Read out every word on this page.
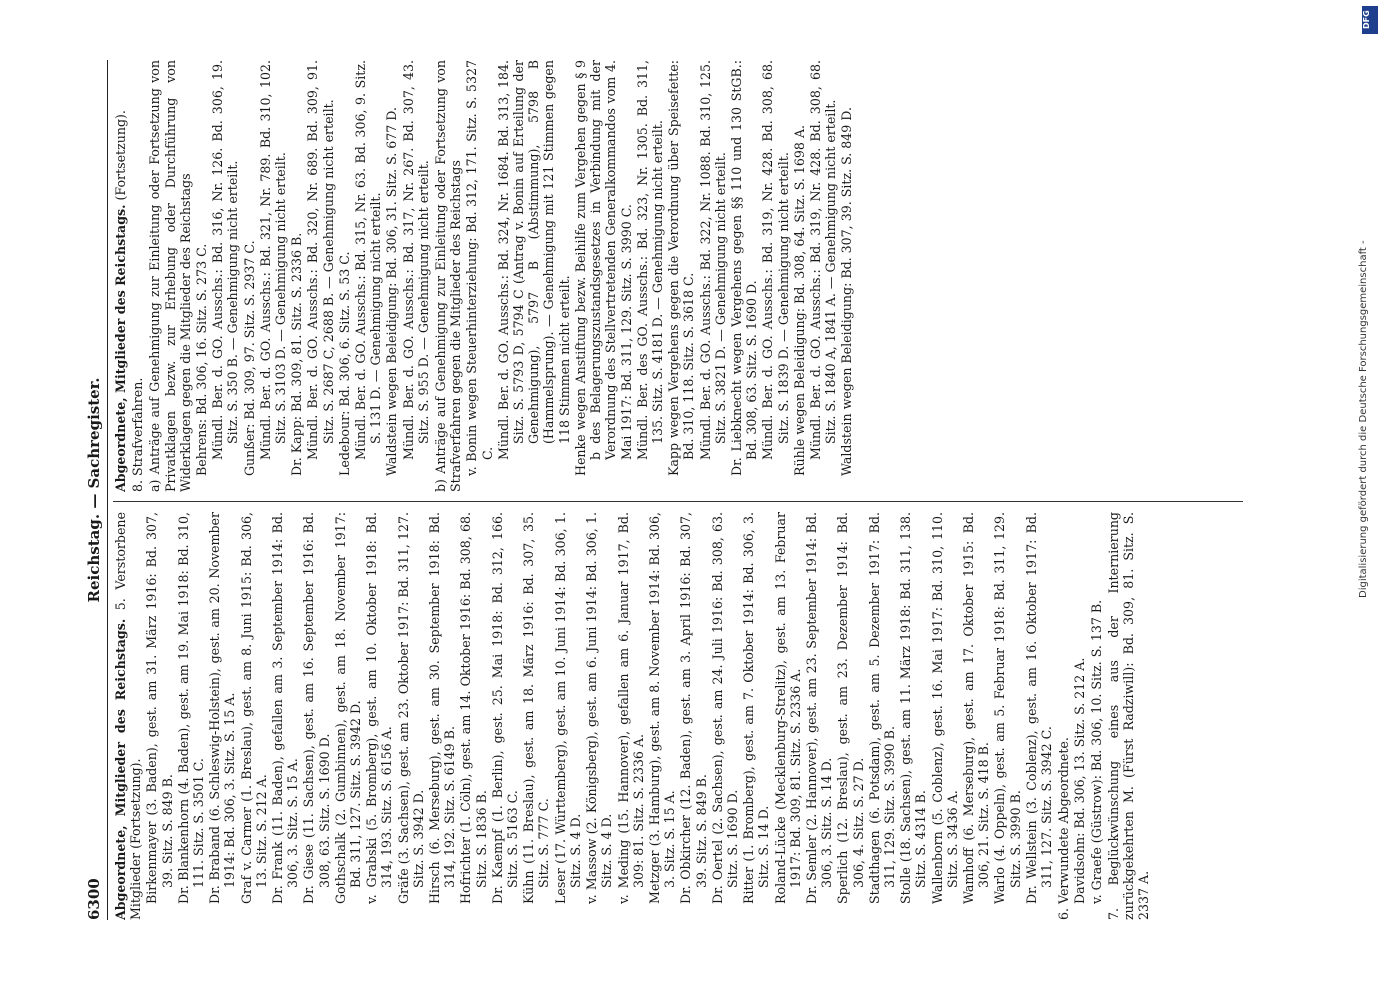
6300
Reichstag. — Sachregister.
Abgeordnete, Mitglieder des Reichstags. 5. Verstorbene Mitglieder (Fortsetzung). Birkenmayer (3. Baden), gest. am 31. März 1916: Bd. 307, 39. Sitz. S. 849 B. Dr. Blankenhorn (4. Baden), gest. am 19. Mai 1918: Bd. 310, 111. Sitz. S. 3501 C. Dr. Braband (6. Schleswig-Holstein), gest. am 20. November 1914: Bd. 306, 3. Sitz. S. 15 A. Graf v. Carmer (1. Breslau), gest. am 8. Juni 1915: Bd. 306, 13. Sitz. S. 212 A. Dr. Frank (11. Baden), gefallen am 3. September 1914: Bd. 306, 3. Sitz. S. 15 A. Dr. Giese (11. Sachsen), gest. am 16. September 1916: Bd. 308, 63. Sitz. S. 1690 D. Gothschalk (2. Gumbinnen), gest. am 18. November 1917: Bd. 311, 127. Sitz. S. 3942 D. v. Grabski (5. Bromberg), gest. am 10. Oktober 1918: Bd. 314, 193. Sitz. S. 6156 A. Gräfe (3. Sachsen), gest. am 23. Oktober 1917: Bd. 311, 127. Sitz. S. 3942 D. Hirsch (6. Merseburg), gest. am 30. September 1918: Bd. 314, 192. Sitz. S. 6149 B. Hofrichter (1. Cöln), gest. am 14. Oktober 1916: Bd. 308, 68. Sitz. S. 1836 B. Dr. Kaempf (1. Berlin), gest. 25. Mai 1918: Bd. 312, 166. Sitz. S. 5163 C. Kühn (11. Breslau), gest. am 18. März 1916: Bd. 307, 35. Sitz. S. 777 C. Leser (17. Württemberg), gest. am 10. Juni 1914: Bd. 306, 1. Sitz. S. 4 D. v. Massow (2. Königsberg), gest. am 6. Juni 1914: Bd. 306, 1. Sitz. S. 4 D. v. Meding (15. Hannover), gefallen am 6. Januar 1917, Bd. 309: 81. Sitz. S. 2336 A. Metzger (3. Hamburg), gest. am 8. November 1914: Bd. 306, 3. Sitz. S. 15 A. Dr. Obkircher (12. Baden), gest. am 3. April 1916: Bd. 307, 39. Sitz. S. 849 B. Dr. Oertel (2. Sachsen), gest. am 24. Juli 1916: Bd. 308, 63. Sitz. S. 1690 D. Ritter (1. Bromberg), gest. am 7. Oktober 1914: Bd. 306, 3. Sitz. S. 14 D. Roland-Lücke (Mecklenburg-Strelitz), gest. am 13. Februar 1917: Bd. 309, 81. Sitz. S. 2336 A. Dr. Semler (2. Hannover), gest. am 23. September 1914: Bd. 306, 3. Sitz. S. 14 D. Sperlich (12. Breslau), gest. am 23. Dezember 1914: Bd. 306, 4. Sitz. S. 27 D. Stadthagen (6. Potsdam), gest. am 5. Dezember 1917: Bd. 311, 129. Sitz. S. 3990 B. Stolle (18. Sachsen), gest. am 11. März 1918: Bd. 311, 138. Sitz. S. 4314 B. Wallenborn (5. Coblenz), gest. 16. Mai 1917: Bd. 310, 110. Sitz. S. 3436 A. Wamhoff (6. Merseburg), gest. am 17. Oktober 1915: Bd. 306, 21. Sitz. S. 418 B. Warlo (4. Oppeln), gest. am 5. Februar 1918: Bd. 311, 129. Sitz. S. 3990 B. Dr. Wellstein (3. Coblenz), gest. am 16. Oktober 1917: Bd. 311, 127. Sitz. S. 3942 C. 6. Verwundete Abgeordnete. Davidsohn: Bd. 306, 13. Sitz. S. 212 A. v. Graefe (Güstrow): Bd. 306, 10. Sitz. S. 137 B. 7. Beglückwünschung eines aus der Internierung zurückgekehrten M. (Fürst Radziwill): Bd. 309, 81. Sitz. S. 2337 A.
Abgeordnete, Mitglieder des Reichstags. (Fortsetzung).
8. Strafverfahren. a) Anträge auf Genehmigung zur Einleitung oder Fortsetzung von Privatklagen bezw. zur Erhebung oder Durchführung von Widerklagen gegen die Mitglieder des Reichstags Behrens: Bd. 306, 16. Sitz. S. 273 C. Mündl. Ber. d. GO. Ausschs.: Bd. 316, Nr. 126. Bd. 306, 19. Sitz. S. 350 B. — Genehmigung nicht erteilt. Gunßer: Bd. 309, 97. Sitz. S. 2937 C. Mündl. Ber. d. GO. Ausschs.: Bd. 321, Nr. 789. Bd. 310, 102. Sitz. S. 3103 D. — Genehmigung nicht erteilt. Dr. Kapp: Bd. 309, 81. Sitz. S. 2336 B. Mündl. Ber. d. GO. Ausschs.: Bd. 320, Nr. 689. Bd. 309, 91. Sitz. S. 2687 C, 2688 B. — Genehmigung nicht erteilt. Ledebour: Bd. 306, 6. Sitz. S. 53 C. Mündl. Ber. d. GO. Ausschs.: Bd. 315, Nr. 63. Bd. 306, 9. Sitz. S. 131 D. — Genehmigung nicht erteilt. Waldstein wegen Beleidigung: Bd. 306, 31. Sitz. S. 677 D. Mündl. Ber. d. GO. Ausschs.: Bd. 317, Nr. 267. Bd. 307, 43. Sitz. S. 955 D. — Genehmigung nicht erteilt. b) Anträge auf Genehmigung zur Einleitung oder Fortsetzung von Strafverfahren gegen die Mitglieder des Reichstags v. Bonin wegen Steuerhinterziehung: Bd. 312, 171. Sitz. S. 5327 C. Mündl. Ber. d. GO. Ausschs.: Bd. 324, Nr. 1684. Bd. 313, 184. Sitz. S. 5793 D, 5794 C (Antrag v. Bonin auf Erteilung der Genehmigung), 5797 B (Abstimmung), 5798 B (Hammelsprung). — Genehmigung mit 121 Stimmen gegen 118 Stimmen nicht erteilt. Henke wegen Anstiftung bezw. Beihilfe zum Vergehen gegen § 9 b des Belagerungszustandsgesetzes in Verbindung mit der Verordnung des Stellvertretenden Generalkommandos vom 4. Mai 1917: Bd. 311, 129. Sitz. S. 3990 C. Mündl. Ber. des GO. Ausschs.: Bd. 323, Nr. 1305. Bd. 311, 135. Sitz. S. 4181 D. — Genehmigung nicht erteilt. Kapp wegen Vergehens gegen die Verordnung über Speisefette: Bd. 310, 118. Sitz. S. 3618 C. Mündl. Ber. d. GO. Ausschs.: Bd. 322, Nr. 1088. Bd. 310, 125. Sitz. S. 3821 D. — Genehmigung nicht erteilt. Dr. Liebknecht wegen Vergehens gegen §§ 110 und 130 StGB.: Bd. 308, 63. Sitz. S. 1690 D. Mündl. Ber. d. GO. Ausschs.: Bd. 319, Nr. 428. Bd. 308, 68. Sitz. S. 1839 D. — Genehmigung nicht erteilt. Rühle wegen Beleidigung: Bd. 308, 64. Sitz. S. 1698 A. Mündl. Ber. d. GO. Ausschs.: Bd. 319, Nr. 428. Bd. 308, 68. Sitz. S. 1840 A, 1841 A. — Genehmigung nicht erteilt. Waldstein wegen Beleidigung: Bd. 307, 39. Sitz. S. 849 D.
DFG
Digitalisierung gefördert durch die Deutsche Forschungsgemeinschaft -
